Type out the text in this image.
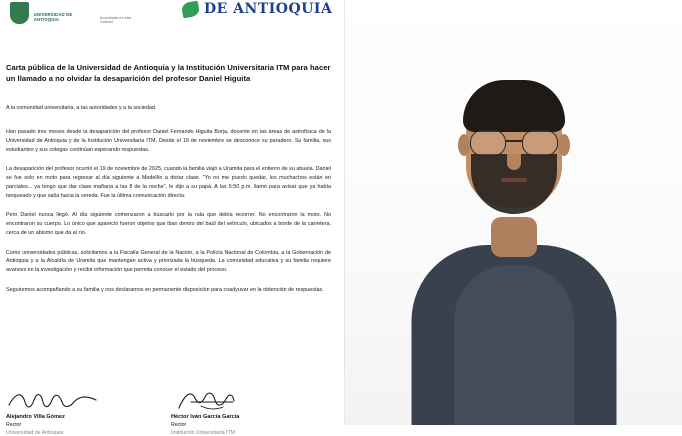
UNIVERSIDAD DE ANTIOQUIA	Acreditada en Alta Calidad
DE ANTIOQUIA
Carta pública de la Universidad de Antioquia y la Institución Universitaria ITM para hacer un llamado a no olvidar la desaparición del profesor Daniel Higuita
A la comunidad universitaria, a las autoridades y a la sociedad.
Han pasado tres meses desde la desaparición del profesor Daniel Fernando Higuita Borja, docente en las áreas de astrofísica de la Universidad de Antioquia y de la Institución Universitaria ITM. Desde el 19 de noviembre se desconoce su paradero. Su familia, sus estudiantes y sus colegas continúan esperando respuestas.
La desaparición del profesor ocurrió el 19 de noviembre de 2025, cuando la familia viajó a Uramita para el entierro de su abuela. Daniel se fue solo en moto para regresar al día siguiente a Medellín a dictar clase. "Yo no me puedo quedar, los muchachos están en parciales... ya tengo que dar clase mañana a las 8 de la noche", le dijo a su papá. A las 5:50 p.m. llamó para avisar que ya había tanqueado y que salía hacia la vereda. Fue la última comunicación directa.
Pero Daniel nunca llegó. Al día siguiente comenzaron a buscarlo por la ruta que debía recorrer. No encontraron la moto. No encontraron su cuerpo. Lo único que apareció fueron objetos que iban dentro del baúl del vehículo, ubicados a borde de la carretera, cerca de un abismo que da al río.
Como universidades públicas, solicitamos a la Fiscalía General de la Nación, a la Policía Nacional de Colombia, a la Gobernación de Antioquia y a la Alcaldía de Uramita que mantengan activa y priorizada la búsqueda. La comunidad educativa y su familia requiere avances en la investigación y recibir información que permita conocer el estado del proceso.
Seguiremos acompañando a su familia y nos declaramos en permanente disposición para coadyuvar en la obtención de respuestas.
Alejandro Villa Gómez
Rector
Universidad de Antioquia
Héctor Iván García García
Rector
Institución Universitaria ITM
